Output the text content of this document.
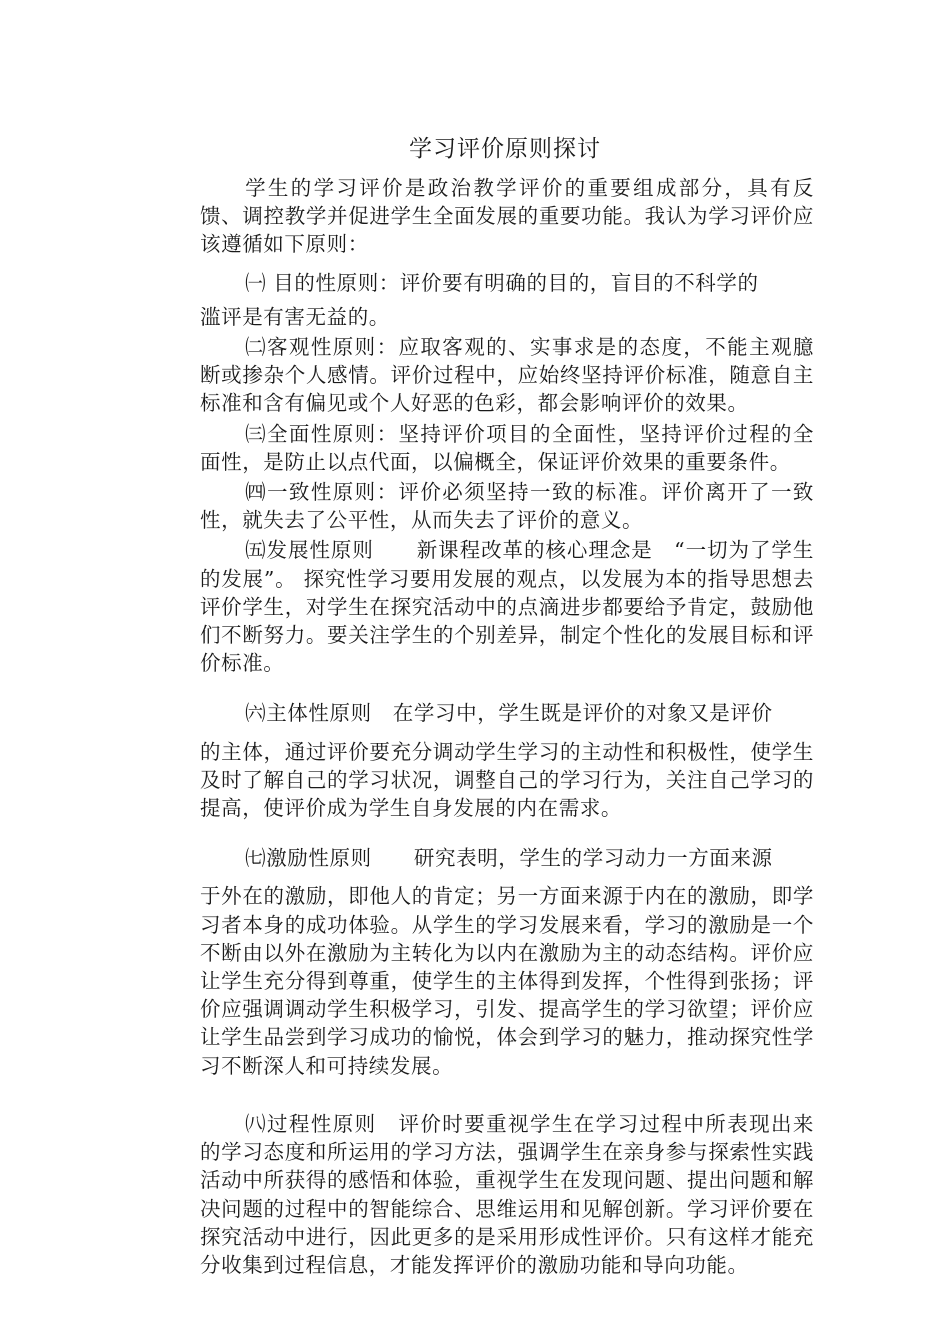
学习评价原则探讨

学生的学习评价是政治教学评价的重要组成部分，具有反馈、调控教学并促进学生全面发展的重要功能。我认为学习评价应该遵循如下原则：

㈠ 目的性原则：评价要有明确的目的，盲目的不科学的

滥评是有害无益的。

㈡客观性原则：应取客观的、实事求是的态度，不能主观臆断或掺杂个人感情。评价过程中，应始终坚持评价标准，随意自主标准和含有偏见或个人好恶的色彩，都会影响评价的效果。

㈢全面性原则：坚持评价项目的全面性，坚持评价过程的全面性，是防止以点代面，以偏概全，保证评价效果的重要条件。

㈣一致性原则：评价必须坚持一致的标准。评价离开了一致性，就失去了公平性，从而失去了评价的意义。

㈤发展性原则　　新课程改革的核心理念是　“一切为了学生的发展”。 探究性学习要用发展的观点，以发展为本的指导思想去评价学生，对学生在探究活动中的点滴进步都要给予肯定，鼓励他们不断努力。要关注学生的个别差异，制定个性化的发展目标和评价标准。

㈥主体性原则　在学习中，学生既是评价的对象又是评价

的主体，通过评价要充分调动学生学习的主动性和积极性，使学生及时了解自己的学习状况，调整自己的学习行为，关注自己学习的提高，使评价成为学生自身发展的内在需求。

㈦激励性原则　　研究表明，学生的学习动力一方面来源

于外在的激励，即他人的肯定；另一方面来源于内在的激励，即学习者本身的成功体验。从学生的学习发展来看，学习的激励是一个不断由以外在激励为主转化为以内在激励为主的动态结构。评价应让学生充分得到尊重，使学生的主体得到发挥，个性得到张扬；评价应强调调动学生积极学习，引发、提高学生的学习欲望；评价应让学生品尝到学习成功的愉悦，体会到学习的魅力，推动探究性学习不断深人和可持续发展。

㈧过程性原则　评价时要重视学生在学习过程中所表现出来的学习态度和所运用的学习方法，强调学生在亲身参与探索性实践活动中所获得的感悟和体验，重视学生在发现问题、提出问题和解决问题的过程中的智能综合、思维运用和见解创新。学习评价要在探究活动中进行，因此更多的是采用形成性评价。只有这样才能充分收集到过程信息，才能发挥评价的激励功能和导向功能。
